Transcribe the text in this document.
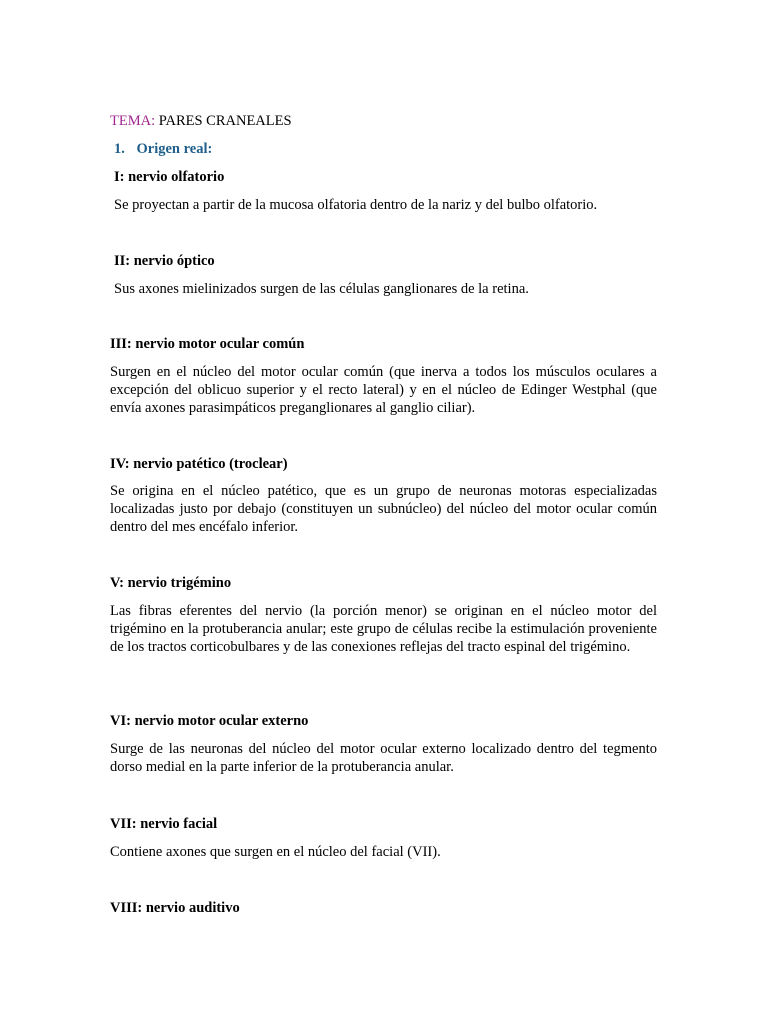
TEMA: PARES CRANEALES
1. Origen real:
I: nervio olfatorio
Se proyectan a partir de la mucosa olfatoria dentro de la nariz y del bulbo olfatorio.
II: nervio óptico
Sus axones mielinizados surgen de las células ganglionares de la retina.
III: nervio motor ocular común
Surgen en el núcleo del motor ocular común (que inerva a todos los músculos oculares a excepción del oblicuo superior y el recto lateral) y en el núcleo de Edinger Westphal (que envía axones parasimpáticos preganglionares al ganglio ciliar).
IV: nervio patético (troclear)
Se origina en el núcleo patético, que es un grupo de neuronas motoras especializadas localizadas justo por debajo (constituyen un subnúcleo) del núcleo del motor ocular común dentro del mes encéfalo inferior.
V: nervio trigémino
Las fibras eferentes del nervio (la porción menor) se originan en el núcleo motor del trigémino en la protuberancia anular; este grupo de células recibe la estimulación proveniente de los tractos corticobulbares y de las conexiones reflejas del tracto espinal del trigémino.
VI: nervio motor ocular externo
Surge de las neuronas del núcleo del motor ocular externo localizado dentro del tegmento dorso medial en la parte inferior de la protuberancia anular.
VII: nervio facial
Contiene axones que surgen en el núcleo del facial (VII).
VIII: nervio auditivo
